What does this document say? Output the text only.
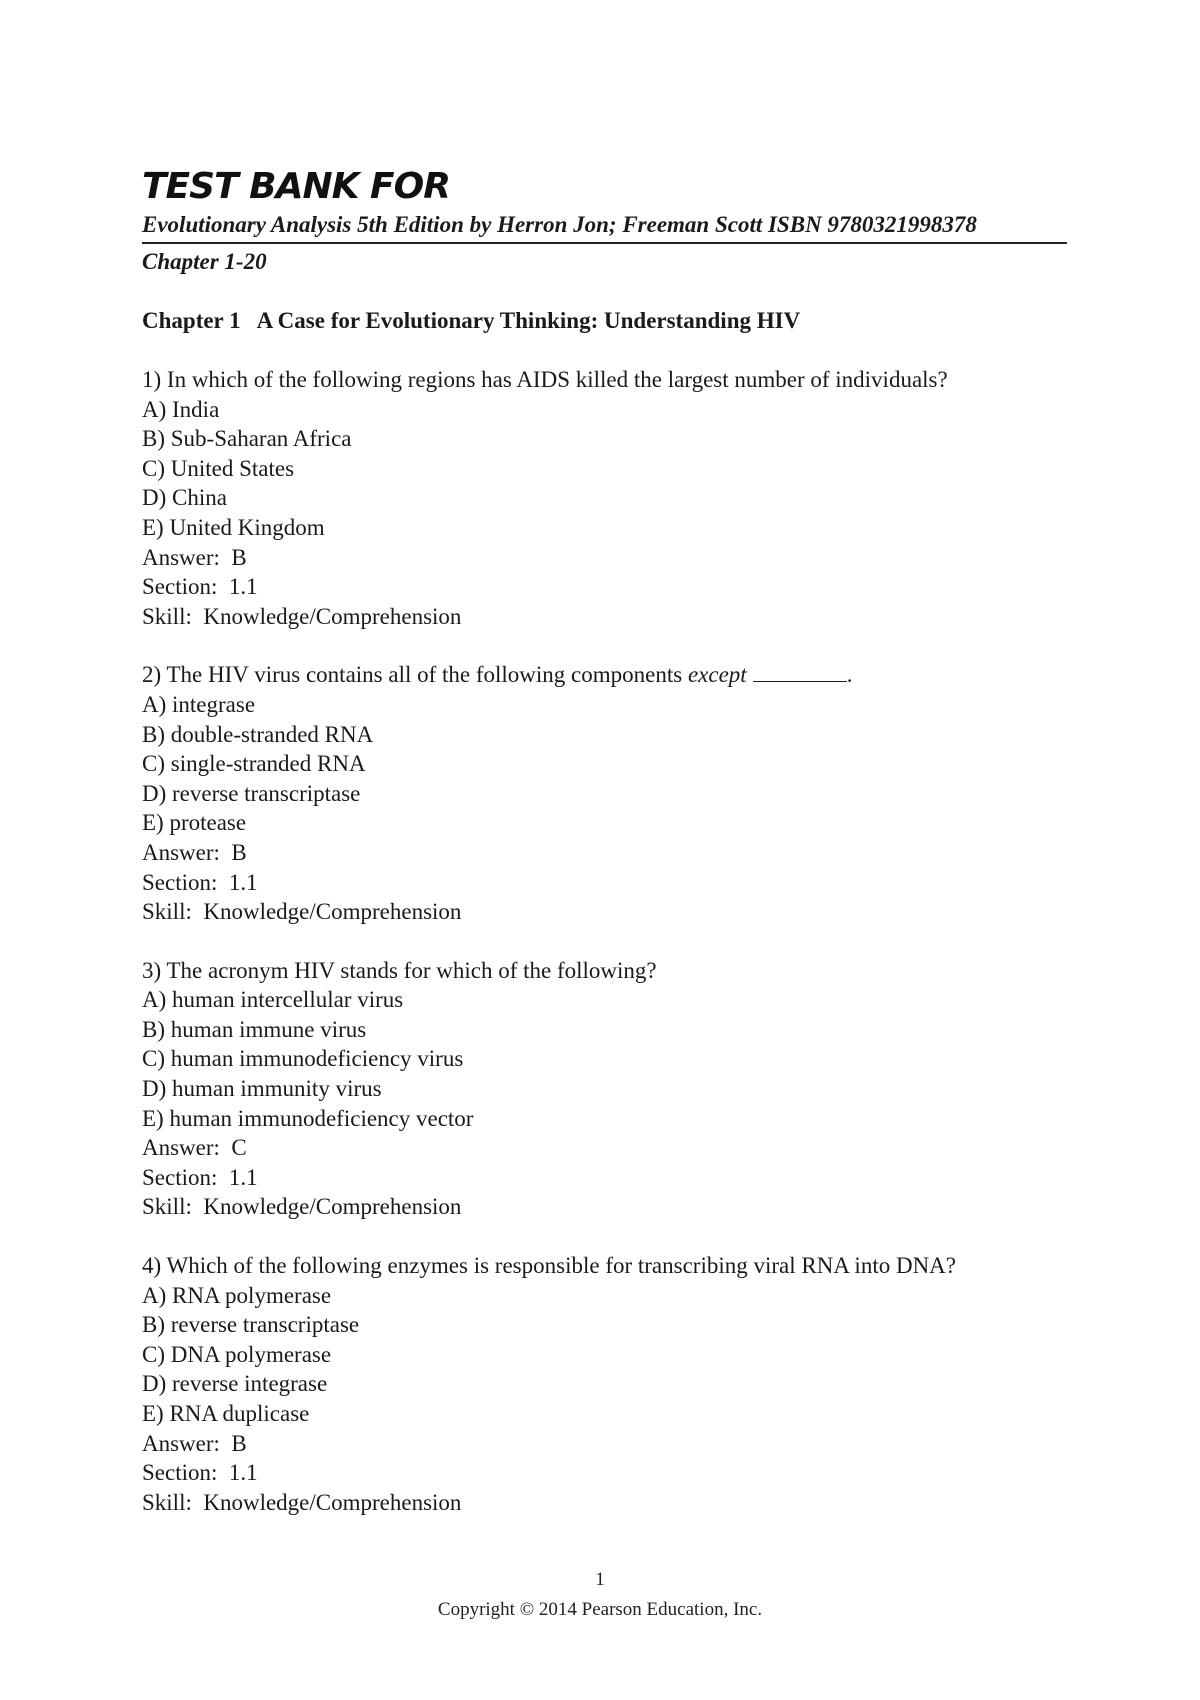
TEST BANK FOR
Evolutionary Analysis 5th Edition by Herron Jon; Freeman Scott ISBN 9780321998378
Chapter 1-20
Chapter 1   A Case for Evolutionary Thinking: Understanding HIV
1) In which of the following regions has AIDS killed the largest number of individuals?
A) India
B) Sub-Saharan Africa
C) United States
D) China
E) United Kingdom
Answer:  B
Section:  1.1
Skill:  Knowledge/Comprehension
2) The HIV virus contains all of the following components except	.
A) integrase
B) double-stranded RNA
C) single-stranded RNA
D) reverse transcriptase
E) protease
Answer:  B
Section:  1.1
Skill:  Knowledge/Comprehension
3) The acronym HIV stands for which of the following?
A) human intercellular virus
B) human immune virus
C) human immunodeficiency virus
D) human immunity virus
E) human immunodeficiency vector
Answer:  C
Section:  1.1
Skill:  Knowledge/Comprehension
4) Which of the following enzymes is responsible for transcribing viral RNA into DNA?
A) RNA polymerase
B) reverse transcriptase
C) DNA polymerase
D) reverse integrase
E) RNA duplicase
Answer:  B
Section:  1.1
Skill:  Knowledge/Comprehension
1
Copyright © 2014 Pearson Education, Inc.
